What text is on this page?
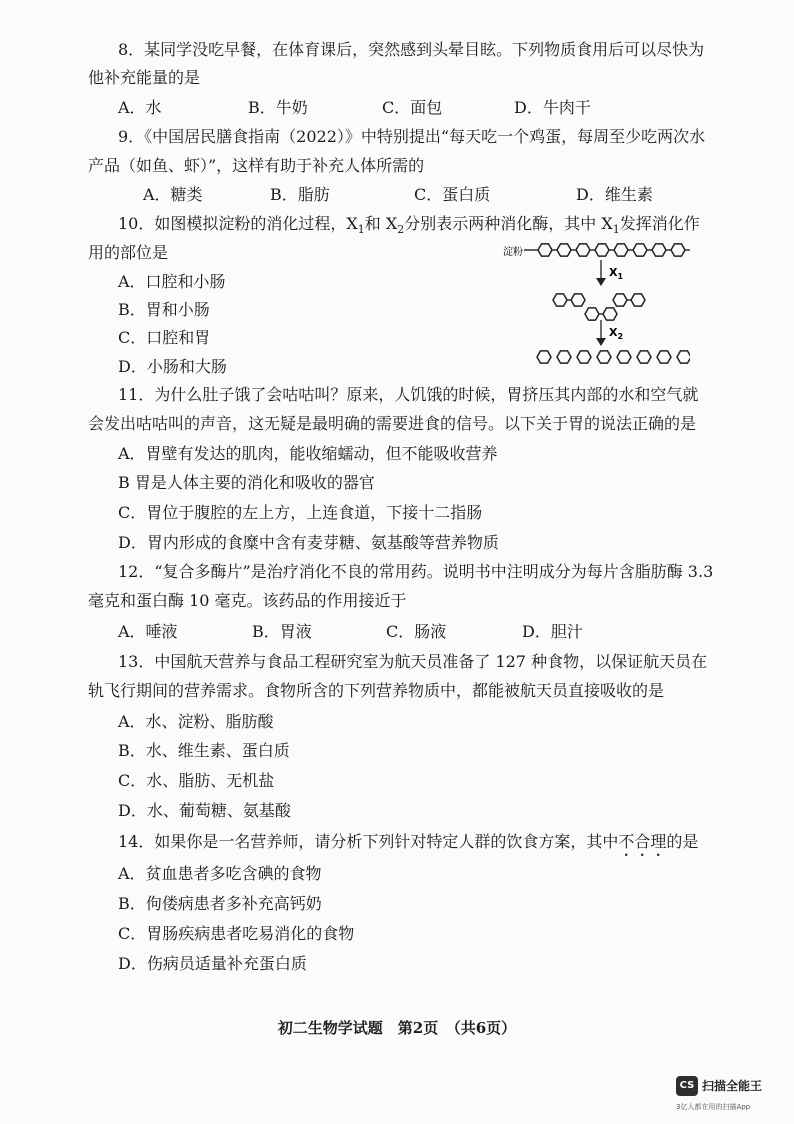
8．某同学没吃早餐，在体育课后，突然感到头晕目眩。下列物质食用后可以尽快为
他补充能量的是
A．水	B．牛奶	C．面包	D．牛肉干
9．《中国居民膳食指南（2022）》中特别提出“每天吃一个鸡蛋，每周至少吃两次水
产品（如鱼、虾）”，这样有助于补充人体所需的
A．糖类	B．脂肪	C．蛋白质	D．维生素
10．如图模拟淀粉的消化过程，$X_1$和 $X_2$分别表示两种消化酶，其中 $X_1$发挥消化作
用的部位是
A．口腔和小肠
B．胃和小肠
C．口腔和胃
D．小肠和大肠
淀粉
$X_1$
$X_2$
11．为什么肚子饿了会咕咕叫？原来，人饥饿的时候，胃挤压其内部的水和空气就
会发出咕咕叫的声音，这无疑是最明确的需要进食的信号。以下关于胃的说法正确的是
A．胃壁有发达的肌肉，能收缩蠕动，但不能吸收营养
B 胃是人体主要的消化和吸收的器官
C．胃位于腹腔的左上方，上连食道，下接十二指肠
D．胃内形成的食糜中含有麦芽糖、氨基酸等营养物质
12．“复合多酶片”是治疗消化不良的常用药。说明书中注明成分为每片含脂肪酶 3.3
毫克和蛋白酶 10 毫克。该药品的作用接近于
A．唾液	B．胃液	C．肠液	D．胆汁
13．中国航天营养与食品工程研究室为航天员准备了 127 种食物，以保证航天员在
轨飞行期间的营养需求。食物所含的下列营养物质中，都能被航天员直接吸收的是
A．水、淀粉、脂肪酸
B．水、维生素、蛋白质
C．水、脂肪、无机盐
D．水、葡萄糖、氨基酸
14．如果你是一名营养师，请分析下列针对特定人群的饮食方案，其中不合理的是
A．贫血患者多吃含碘的食物
B．佝偻病患者多补充高钙奶
C．胃肠疾病患者吃易消化的食物
D．伤病员适量补充蛋白质
初二生物学试题　第2页　（共6页）
CS 扫描全能王
3亿人都在用的扫描App
